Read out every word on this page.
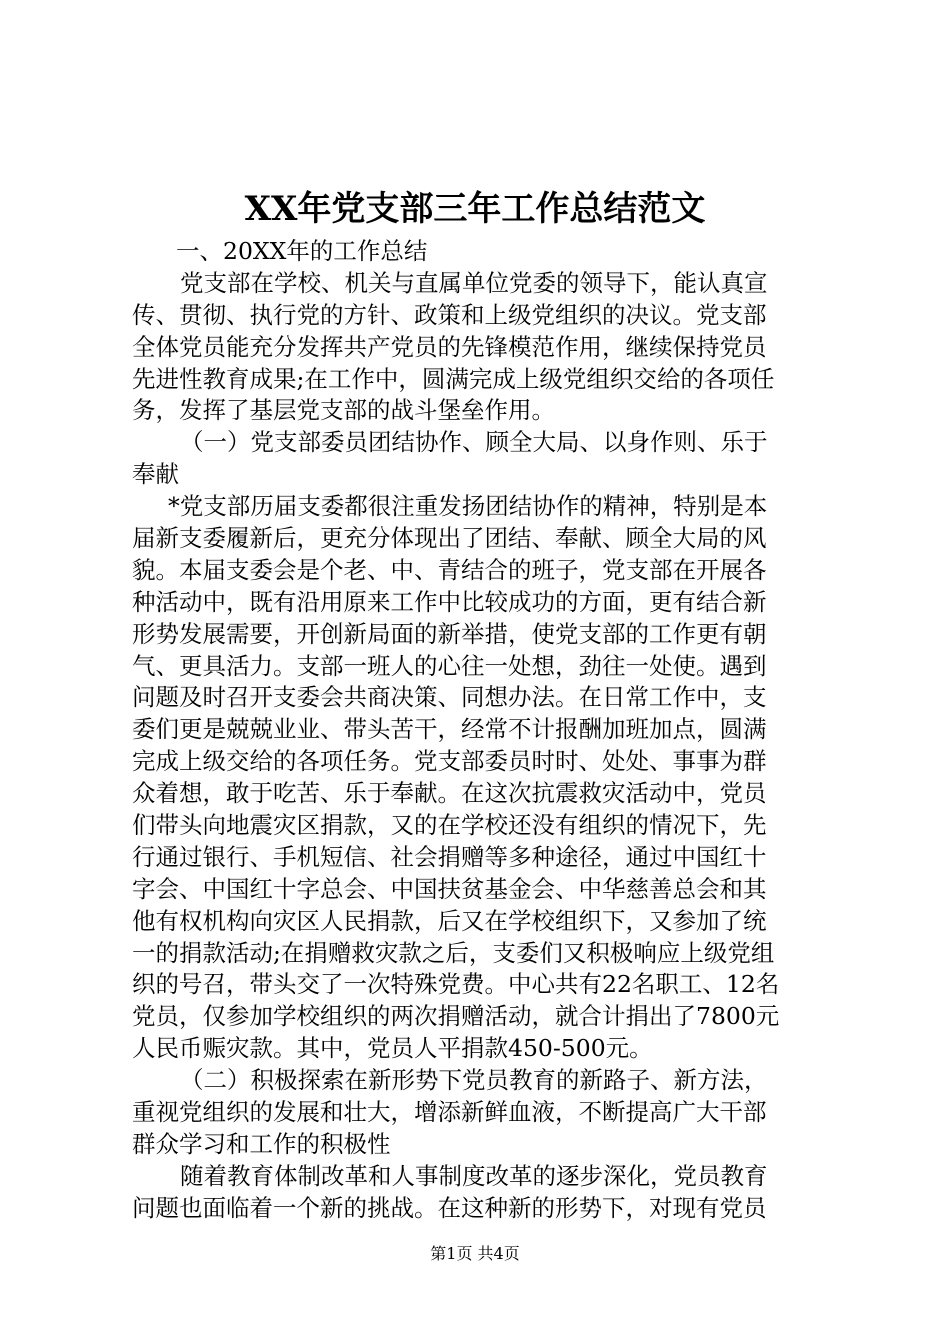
XX年党支部三年工作总结范文
一、20XX年的工作总结
党支部在学校、机关与直属单位党委的领导下，能认真宣
传、贯彻、执行党的方针、政策和上级党组织的决议。党支部
全体党员能充分发挥共产党员的先锋模范作用，继续保持党员
先进性教育成果;在工作中，圆满完成上级党组织交给的各项任
务，发挥了基层党支部的战斗堡垒作用。
（一）党支部委员团结协作、顾全大局、以身作则、乐于
奉献
*党支部历届支委都很注重发扬团结协作的精神，特别是本
届新支委履新后，更充分体现出了团结、奉献、顾全大局的风
貌。本届支委会是个老、中、青结合的班子，党支部在开展各
种活动中，既有沿用原来工作中比较成功的方面，更有结合新
形势发展需要，开创新局面的新举措，使党支部的工作更有朝
气、更具活力。支部一班人的心往一处想，劲往一处使。遇到
问题及时召开支委会共商决策、同想办法。在日常工作中，支
委们更是兢兢业业、带头苦干，经常不计报酬加班加点，圆满
完成上级交给的各项任务。党支部委员时时、处处、事事为群
众着想，敢于吃苦、乐于奉献。在这次抗震救灾活动中，党员
们带头向地震灾区捐款，又的在学校还没有组织的情况下，先
行通过银行、手机短信、社会捐赠等多种途径，通过中国红十
字会、中国红十字总会、中国扶贫基金会、中华慈善总会和其
他有权机构向灾区人民捐款，后又在学校组织下，又参加了统
一的捐款活动;在捐赠救灾款之后，支委们又积极响应上级党组
织的号召，带头交了一次特殊党费。中心共有22名职工、12名
党员，仅参加学校组织的两次捐赠活动，就合计捐出了7800元
人民币赈灾款。其中，党员人平捐款450-500元。
（二）积极探索在新形势下党员教育的新路子、新方法，
重视党组织的发展和壮大，增添新鲜血液，不断提高广大干部
群众学习和工作的积极性
随着教育体制改革和人事制度改革的逐步深化，党员教育
问题也面临着一个新的挑战。在这种新的形势下，对现有党员
第1页 共4页
